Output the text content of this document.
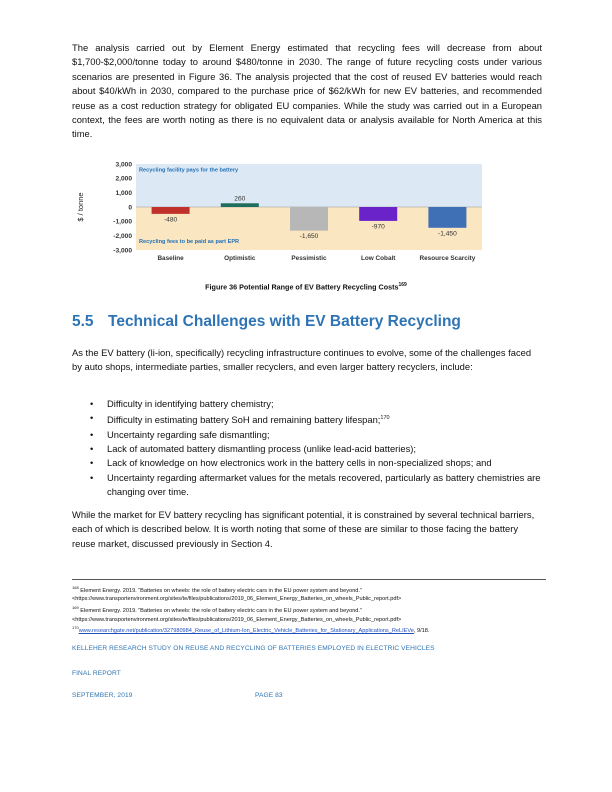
The analysis carried out by Element Energy estimated that recycling fees will decrease from about $1,700-$2,000/tonne today to around $480/tonne in 2030. The range of future recycling costs under various scenarios are presented in Figure 36. The analysis projected that the cost of reused EV batteries would reach about $40/kWh in 2030, compared to the purchase price of $62/kWh for new EV batteries, and recommended reuse as a cost reduction strategy for obligated EU companies. While the study was carried out in a European context, the fees are worth noting as there is no equivalent data or analysis available for North America at this time.

3,000
2,000
1,000
0
-1,000
-2,000
-3,000
$ / tonne
Recycling facility pays for the battery
Recycling fees to be paid as part EPR
-480
Baseline
260
Optimistic
-1,650
Pessimistic
-970
Low Cobalt
-1,450
Resource Scarcity
Figure 36 Potential Range of EV Battery Recycling Costs$^{169}$
5.5 Technical Challenges with EV Battery Recycling

As the EV battery (li-ion, specifically) recycling infrastructure continues to evolve, some of the challenges faced by auto shops, intermediate parties, smaller recyclers, and even larger battery recyclers, include:

• Difficulty in identifying battery chemistry;
• Difficulty in estimating battery SoH and remaining battery lifespan;$^{170}$
• Uncertainty regarding safe dismantling;
• Lack of automated battery dismantling process (unlike lead-acid batteries);
• Lack of knowledge on how electronics work in the battery cells in non-specialized shops; and
• Uncertainty regarding aftermarket values for the metals recovered, particularly as battery chemistries are changing over time.

While the market for EV battery recycling has significant potential, it is constrained by several technical barriers, each of which is described below. It is worth noting that some of these are similar to those facing the battery reuse market, discussed previously in Section 4.

$^{168}$ Element Energy. 2019. “Batteries on wheels: the role of battery electric cars in the EU power system and beyond.”
<https://www.transportenvironment.org/sites/te/files/publications/2019_06_Element_Energy_Batteries_on_wheels_Public_report.pdf>
$^{169}$ Element Energy. 2019. “Batteries on wheels: the role of battery electric cars in the EU power system and beyond.”
<https://www.transportenvironment.org/sites/te/files/publications/2019_06_Element_Energy_Batteries_on_wheels_Public_report.pdf>
$^{170}$www.researchgate.net/publication/327980984_Reuse_of_Lithium-Ion_Electric_Vehicle_Batteries_for_Stationary_Applications_ReLIEVe, 9/18.
KELLEHER RESEARCH STUDY ON REUSE AND RECYCLING OF BATTERIES EMPLOYED IN ELECTRIC VEHICLES
FINAL REPORT
SEPTEMBER, 2019	PAGE 83
